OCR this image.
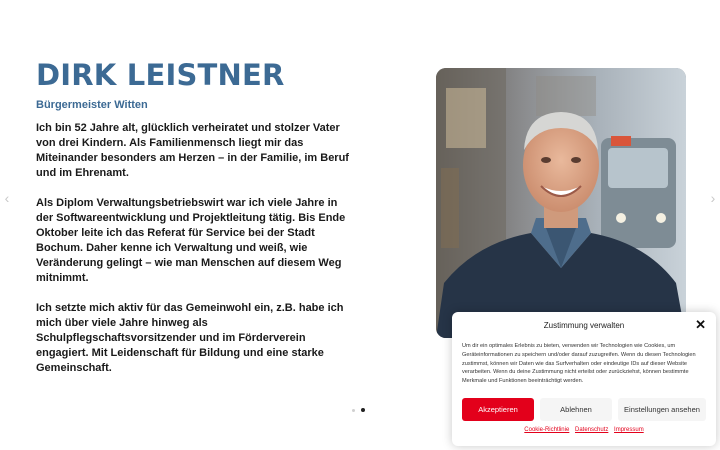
‹	›
DIRK LEISTNER
Bürgermeister Witten

Ich bin 52 Jahre alt, glücklich verheiratet und stolzer Vater von drei Kindern. Als Familienmensch liegt mir das Miteinander besonders am Herzen – in der Familie, im Beruf und im Ehrenamt.

Als Diplom Verwaltungsbetriebswirt war ich viele Jahre in der Softwareentwicklung und Projektleitung tätig. Bis Ende Oktober leite ich das Referat für Service bei der Stadt Bochum. Daher kenne ich Verwaltung und weiß, wie Veränderung gelingt – wie man Menschen auf diesem Weg mitnimmt.

Ich setzte mich aktiv für das Gemeinwohl ein, z.B. habe ich mich über viele Jahre hinweg als Schulpflegschaftsvorsitzender und im Förderverein engagiert. Mit Leidenschaft für Bildung und eine starke Gemeinschaft.

Zustimmung verwalten	✕
Um dir ein optimales Erlebnis zu bieten, verwenden wir Technologien wie Cookies, um Geräteinformationen zu speichern und/oder darauf zuzugreifen. Wenn du diesen Technologien zustimmst, können wir Daten wie das Surfverhalten oder eindeutige IDs auf dieser Website verarbeiten. Wenn du deine Zustimmung nicht erteilst oder zurückziehst, können bestimmte Merkmale und Funktionen beeinträchtigt werden.
Akzeptieren	Ablehnen	Einstellungen ansehen
Cookie-Richtlinie Datenschutz Impressum
